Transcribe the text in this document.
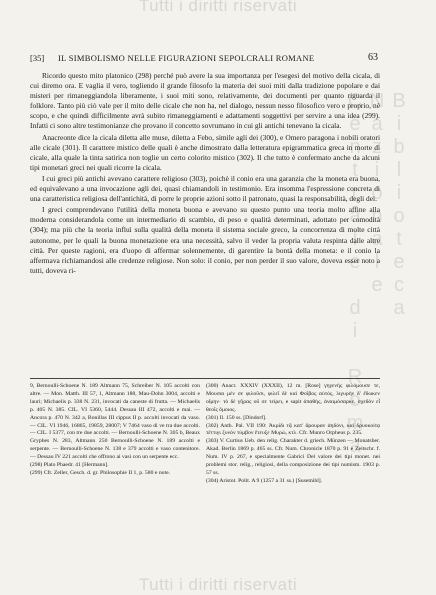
Tutti i diritti riservati
Biblioteca Nazionale Centrale di Roma
[35] IL SIMBOLISMO NELLE FIGURAZIONI SEPOLCRALI ROMANE	63

Ricordo questo mito platonico (298) perché può avere la sua importanza per l'esegesi del motivo della cicala, di cui diremo ora. E vaglia il vero, togliendo il grande filosofo la materia dei suoi miti dalla tradizione popolare e dai misteri per rimaneggiandola liberamente, i suoi miti sono, relativamente, dei documenti per quanto riguarda il folklore. Tanto più ciò vale per il mito delle cicale che non ha, nel dialogo, nessun nesso filosofico vero e proprio, nè scopo, e che quindi difficilmente avrà subito rimaneggiamenti e adattamenti soggettivi per servire a una idea (299). Infatti ci sono altre testimonianze che provano il concetto sovrumano in cui gli antichi tenevano la cicala.

Anacreonte dice la cicala diletta alle muse, diletta a Febo, simile agli dei (300), e Omero paragona i nobili oratori alle cicale (301). Il carattere mistico delle quali è anche dimostrato dalla letteratura epigrammatica greca in morte di cicale, alla quale la tinta satirica non toglie un certo colorito mistico (302). Il che tutto è confermato anche da alcuni tipi monetari greci nei quali ricorre la cicala.

I cui greci più antichi avevano carattere religioso (303), poichè il conio era una garanzia che la moneta era buona, ed equivalevano a una invocazione agli dei, quasi chiamandoli in testimonio. Era insomma l'espressione concreta di una caratteristica religiosa dell'antichità, di porre le proprie azioni sotto il patronato, quasi la responsabilità, degli dei.

I greci comprendevano l'utilità della moneta buona e avevano su questo punto una teoria molto affine alla moderna considerandola come un intermediario di scambio, di peso e qualità determinati, adottato per comodità (304); ma più che la teoria influì sulla qualità della moneta il sistema sociale greco, la concorrenza di molte città autonome, per le quali la buona monetazione era una necessità, salvo il veder la propria valuta respinta dalle altre città. Per queste ragioni, era d'uopo di affermar solennemente, di garentire la bontà della moneta: e il conio la affermava richiamandosi alle credenze religiose. Non solo: il conio, per non perder il suo valore, doveva esser noto a tutti, doveva ri-

9, Bernoulli-Schoene N. 189 Altmann 75, Schreiber N. 105 accolti con altre. — Mon. Matth. III 57, 1, Altmann 188, Mau-Dohn 3004, accolti e lauri; Michaelis p. 338 N. 231, invocati da caneste di frutta. — Michaelis p. 405 N. 385. CIL. VI 5360, 5444. Dessau III 472, accolti e mai. — Ancora p. 470 N. 342 a, Bonillas III cippus II p. accolti invocati da vaso. — CIL. VI 1946, 16865, 19859, 28007; V 7464 vaso di ve tra due accolti. — CIL. I 5377, con tre due accolti. — Bernoulli-Schoene N. 305 b, Beaux Gryphes N. 283, Altmann 250 Bernoulli-Schoene N. 189 accolti e serpente. — Bernoulli-Schoene N. 138 e 379 accolti e vaso contenitore. — Dessau IV 221 accolti che offrono ai vasi con un serpente ecc.

(298) Plato Phaedr. 41 [Hermann].

(299) Cfr. Zeller, Gesch. d. gr. Philosophie II 1, p. 580 e note.

(300) Anacr. XXXIV (XXXII), 12 m. [Rose] γηγενὴς φιλόμουσε τε, Μουσαι μὲν σε φιλοῦσι, φιλεῖ δὲ καὶ Φοῖβος αὐτός, λιγυρὴν δ' ἔδωκεν οἴμην· τὸ δὲ γῆρας οὔ σε τείρει, e sapit ἀπαθής, ἀναιμόσαρκε, σχεδὸν εἶ θεοῖς ὅμοιος.

(301) Il. 150 ss. [Dindorf].

(302) Anth. Pal. VII 190: Ἀκρίδι τᾷ κατ' ἄρουραν ἀηδόνι, καὶ δρυοκοίτᾳ τέττιγι ξυνὸν τύμβον ἔτευξε Μυρώ, κτλ. Cfr. Munro Orpheus p. 235.

(303) V. Curtius Ueb. den relig. Charakter d. griech. Münzen — Monatsber. Akad. Berlin 1869 p. 465 ss. Cfr. Num. Chronicle 1870 p. 91 e Zeitschr. f. Num. IV p. 267, e specialmente Gabrici Del valore dei tipi monet. nei problemi stor. relig., religiosi, della composizione dei tipi numism. 1903 p. 57 ss.

(304) Aristot. Polit. A 9 (1257 a 31 ss.) [Susemihl].

Tutti i diritti riservati
